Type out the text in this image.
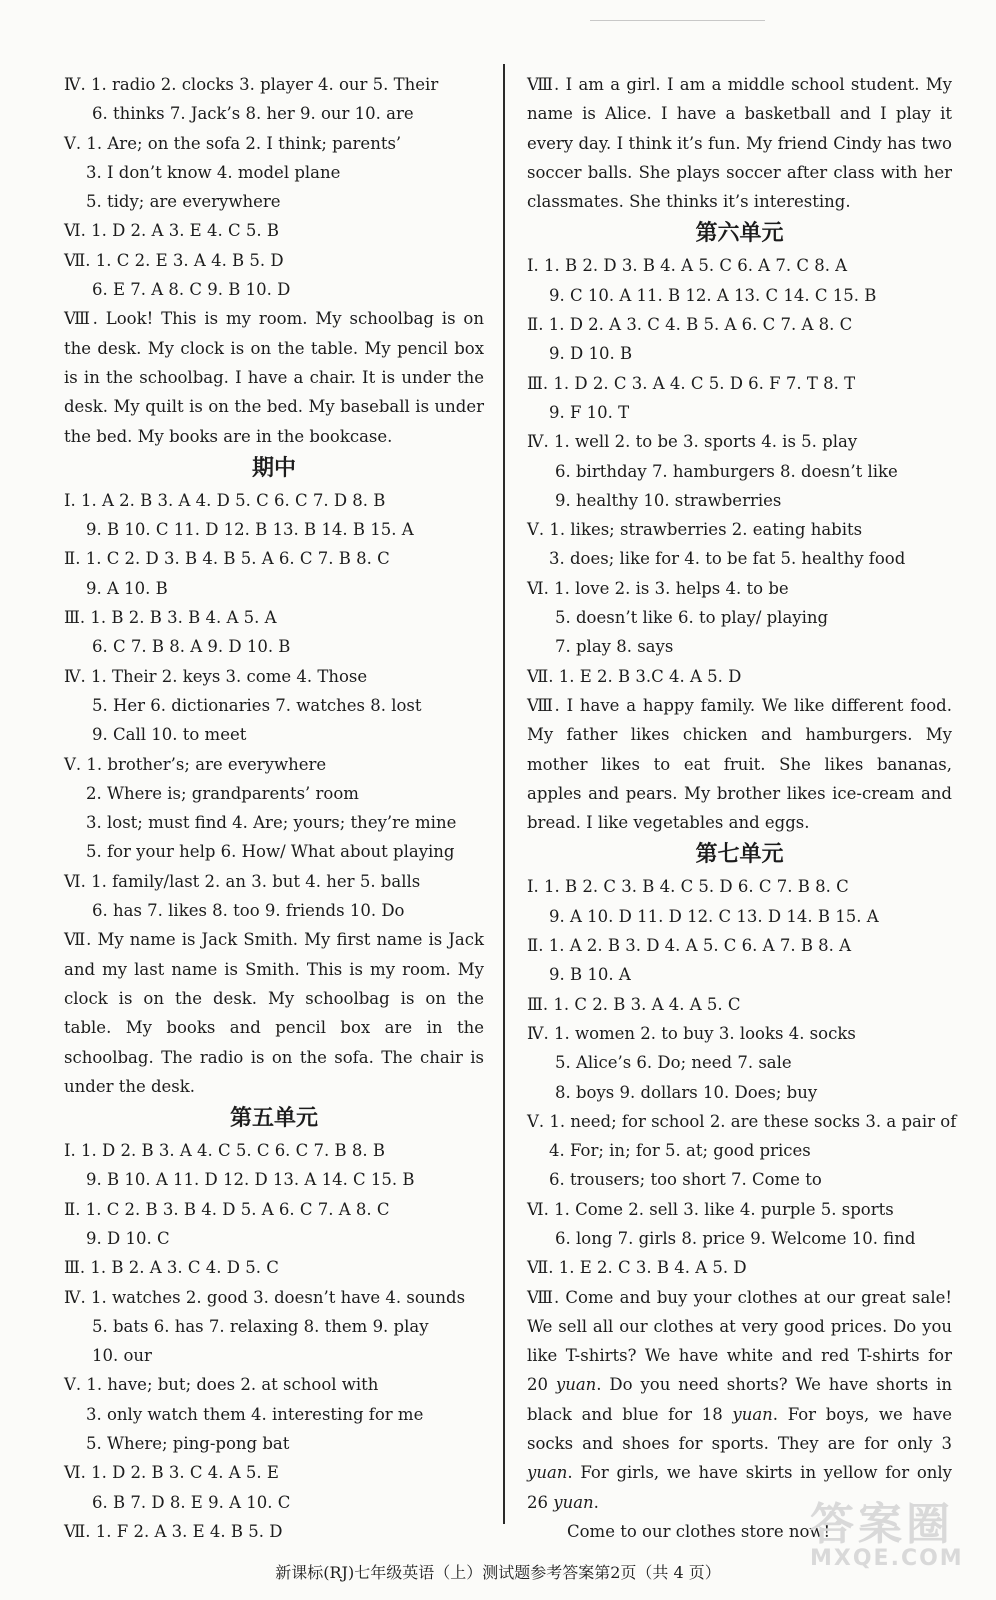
Ⅳ. 1. radio 2. clocks 3. player 4. our 5. Their
6. thinks 7. Jack’s 8. her 9. our 10. are
Ⅴ. 1. Are; on the sofa 2. I think; parents’
3. I don’t know 4. model plane
5. tidy; are everywhere
Ⅵ. 1. D 2. A 3. E 4. C 5. B
Ⅶ. 1. C 2. E 3. A 4. B 5. D
6. E 7. A 8. C 9. B 10. D
Ⅷ. Look! This is my room. My schoolbag is on the desk. My clock is on the table. My pencil box is in the schoolbag. I have a chair. It is under the desk. My quilt is on the bed. My baseball is under the bed. My books are in the bookcase.
期中
Ⅰ. 1. A 2. B 3. A 4. D 5. C 6. C 7. D 8. B
9. B 10. C 11. D 12. B 13. B 14. B 15. A
Ⅱ. 1. C 2. D 3. B 4. B 5. A 6. C 7. B 8. C
9. A 10. B
Ⅲ. 1. B 2. B 3. B 4. A 5. A
6. C 7. B 8. A 9. D 10. B
Ⅳ. 1. Their 2. keys 3. come 4. Those
5. Her 6. dictionaries 7. watches 8. lost
9. Call 10. to meet
Ⅴ. 1. brother’s; are everywhere
2. Where is; grandparents’ room
3. lost; must find 4. Are; yours; they’re mine
5. for your help 6. How/ What about playing
Ⅵ. 1. family/last 2. an 3. but 4. her 5. balls
6. has 7. likes 8. too 9. friends 10. Do
Ⅶ. My name is Jack Smith. My first name is Jack and my last name is Smith. This is my room. My clock is on the desk. My schoolbag is on the table. My books and pencil box are in the schoolbag. The radio is on the sofa. The chair is under the desk.
第五单元
Ⅰ. 1. D 2. B 3. A 4. C 5. C 6. C 7. B 8. B
9. B 10. A 11. D 12. D 13. A 14. C 15. B
Ⅱ. 1. C 2. B 3. B 4. D 5. A 6. C 7. A 8. C
9. D 10. C
Ⅲ. 1. B 2. A 3. C 4. D 5. C
Ⅳ. 1. watches 2. good 3. doesn’t have 4. sounds
5. bats 6. has 7. relaxing 8. them 9. play
10. our
Ⅴ. 1. have; but; does 2. at school with
3. only watch them 4. interesting for me
5. Where; ping-pong bat
Ⅵ. 1. D 2. B 3. C 4. A 5. E
6. B 7. D 8. E 9. A 10. C
Ⅶ. 1. F 2. A 3. E 4. B 5. D
Ⅷ. I am a girl. I am a middle school student. My name is Alice. I have a basketball and I play it every day. I think it’s fun. My friend Cindy has two soccer balls. She plays soccer after class with her classmates. She thinks it’s interesting.
第六单元
Ⅰ. 1. B 2. D 3. B 4. A 5. C 6. A 7. C 8. A
9. C 10. A 11. B 12. A 13. C 14. C 15. B
Ⅱ. 1. D 2. A 3. C 4. B 5. A 6. C 7. A 8. C
9. D 10. B
Ⅲ. 1. D 2. C 3. A 4. C 5. D 6. F 7. T 8. T
9. F 10. T
Ⅳ. 1. well 2. to be 3. sports 4. is 5. play
6. birthday 7. hamburgers 8. doesn’t like
9. healthy 10. strawberries
Ⅴ. 1. likes; strawberries 2. eating habits
3. does; like for 4. to be fat 5. healthy food
Ⅵ. 1. love 2. is 3. helps 4. to be
5. doesn’t like 6. to play/ playing
7. play 8. says
Ⅶ. 1. E 2. B 3.C 4. A 5. D
Ⅷ. I have a happy family. We like different food. My father likes chicken and hamburgers. My mother likes to eat fruit. She likes bananas, apples and pears. My brother likes ice-cream and bread. I like vegetables and eggs.
第七单元
Ⅰ. 1. B 2. C 3. B 4. C 5. D 6. C 7. B 8. C
9. A 10. D 11. D 12. C 13. D 14. B 15. A
Ⅱ. 1. A 2. B 3. D 4. A 5. C 6. A 7. B 8. A
9. B 10. A
Ⅲ. 1. C 2. B 3. A 4. A 5. C
Ⅳ. 1. women 2. to buy 3. looks 4. socks
5. Alice’s 6. Do; need 7. sale
8. boys 9. dollars 10. Does; buy
Ⅴ. 1. need; for school 2. are these socks 3. a pair of
4. For; in; for 5. at; good prices
6. trousers; too short 7. Come to
Ⅵ. 1. Come 2. sell 3. like 4. purple 5. sports
6. long 7. girls 8. price 9. Welcome 10. find
Ⅶ. 1. E 2. C 3. B 4. A 5. D
Ⅷ. Come and buy your clothes at our great sale! We sell all our clothes at very good prices. Do you like T-shirts? We have white and red T-shirts for 20 yuan. Do you need shorts? We have shorts in black and blue for 18 yuan. For boys, we have socks and shoes for sports. They are for only 3 yuan. For girls, we have skirts in yellow for only 26 yuan.
Come to our clothes store now!
新课标(RJ)七年级英语（上）测试题参考答案第2页（共 4 页）
答案圈
MXQE.COM
